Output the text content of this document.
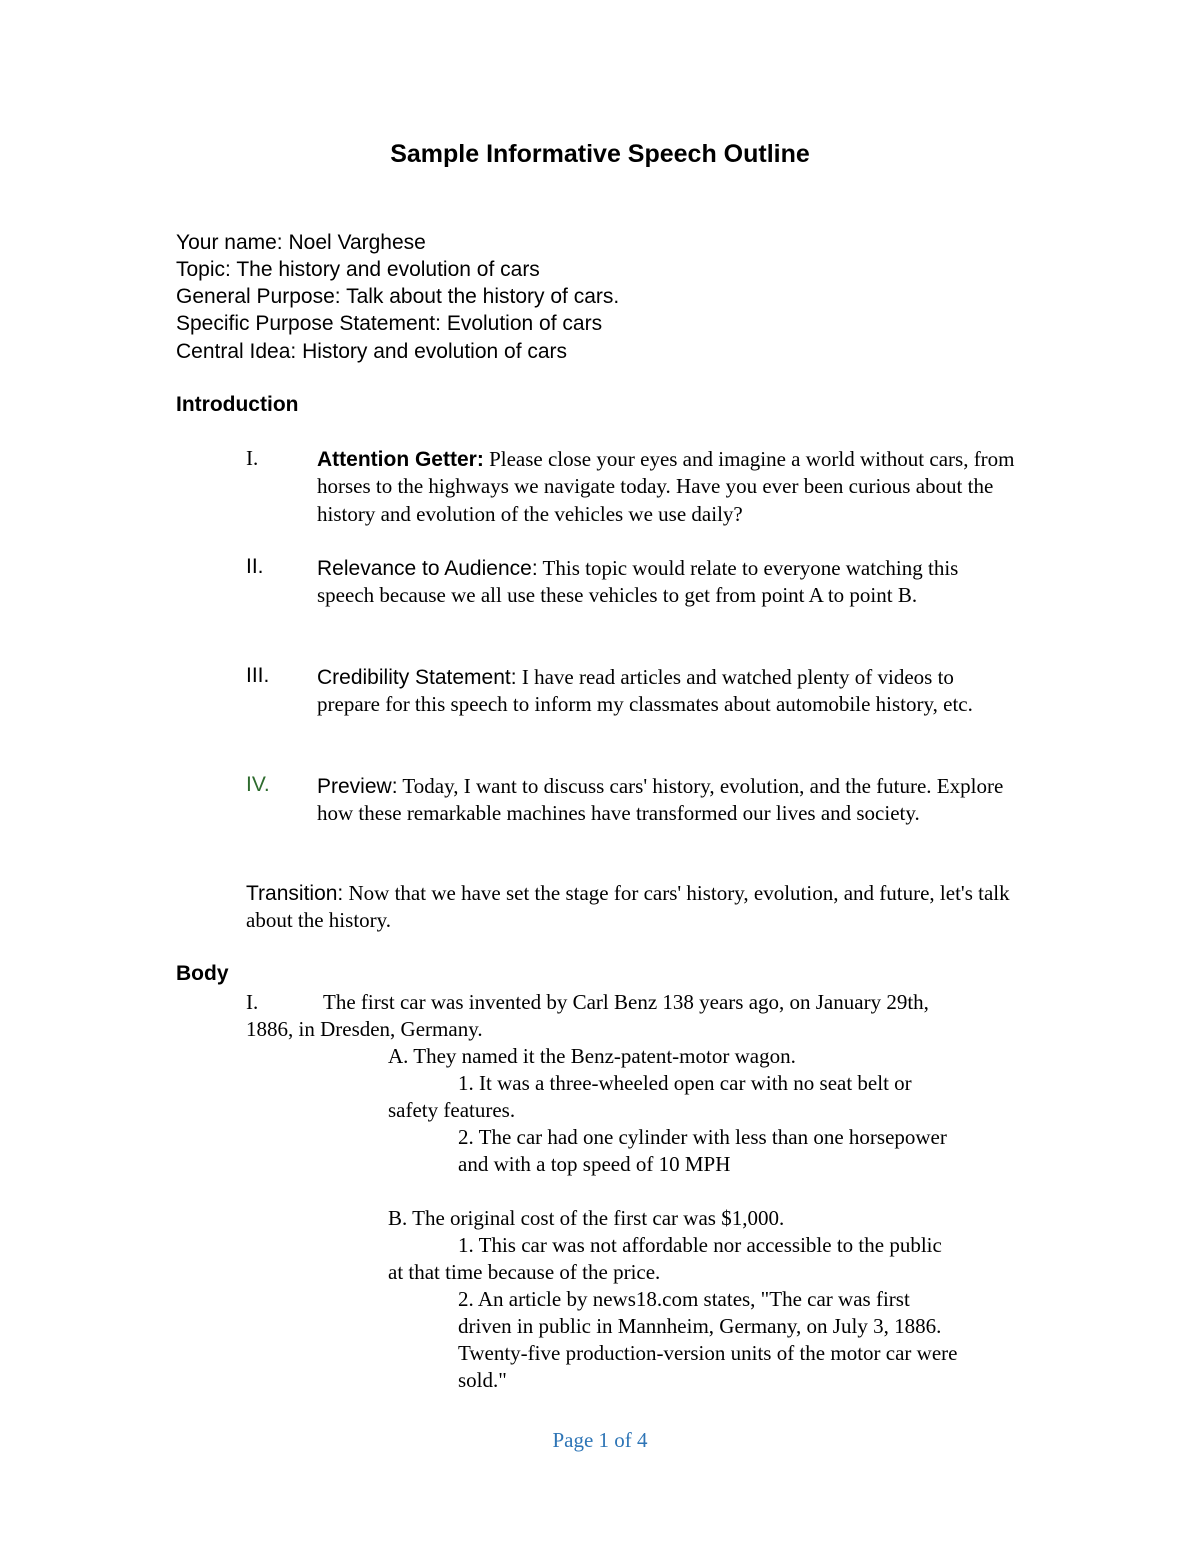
Sample Informative Speech Outline
Your name: Noel Varghese
Topic: The history and evolution of cars
General Purpose: Talk about the history of cars.
Specific Purpose Statement: Evolution of cars
Central Idea: History and evolution of cars
Introduction
I.	Attention Getter: Please close your eyes and imagine a world without cars, from horses to the highways we navigate today. Have you ever been curious about the history and evolution of the vehicles we use daily?
II.	Relevance to Audience: This topic would relate to everyone watching this speech because we all use these vehicles to get from point A to point B.
III. Credibility Statement: I have read articles and watched plenty of videos to prepare for this speech to inform my classmates about automobile history, etc.
IV. Preview: Today, I want to discuss cars' history, evolution, and the future. Explore how these remarkable machines have transformed our lives and society.
Transition: Now that we have set the stage for cars' history, evolution, and future, let's talk about the history.
Body
I.	The first car was invented by Carl Benz 138 years ago, on January 29th,
1886, in Dresden, Germany.
A. They named it the Benz-patent-motor wagon.
1. It was a three-wheeled open car with no seat belt or
safety features.
2. The car had one cylinder with less than one horsepower
and with a top speed of 10 MPH
B. The original cost of the first car was $1,000.
1. This car was not affordable nor accessible to the public
at that time because of the price.
2. An article by news18.com states, "The car was first
driven in public in Mannheim, Germany, on July 3, 1886.
Twenty-five production-version units of the motor car were
sold."
Page 1 of 4
